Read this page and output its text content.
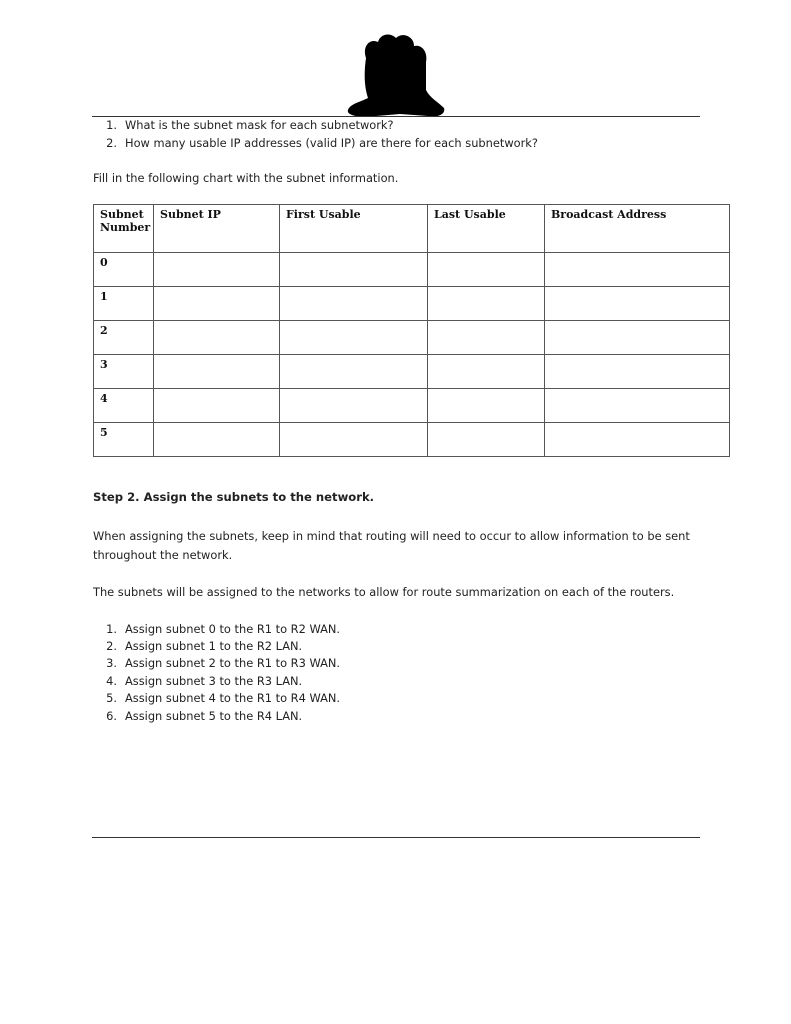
1. What is the subnet mask for each subnetwork?
2. How many usable IP addresses (valid IP) are there for each subnetwork?
Fill in the following chart with the subnet information.
Subnet Number	Subnet IP	First Usable	Last Usable	Broadcast Address
0				
1				
2				
3				
4				
5				
Step 2. Assign the subnets to the network.
When assigning the subnets, keep in mind that routing will need to occur to allow information to be sent throughout the network.
The subnets will be assigned to the networks to allow for route summarization on each of the routers.
1. Assign subnet 0 to the R1 to R2 WAN.
2. Assign subnet 1 to the R2 LAN.
3. Assign subnet 2 to the R1 to R3 WAN.
4. Assign subnet 3 to the R3 LAN.
5. Assign subnet 4 to the R1 to R4 WAN.
6. Assign subnet 5 to the R4 LAN.
